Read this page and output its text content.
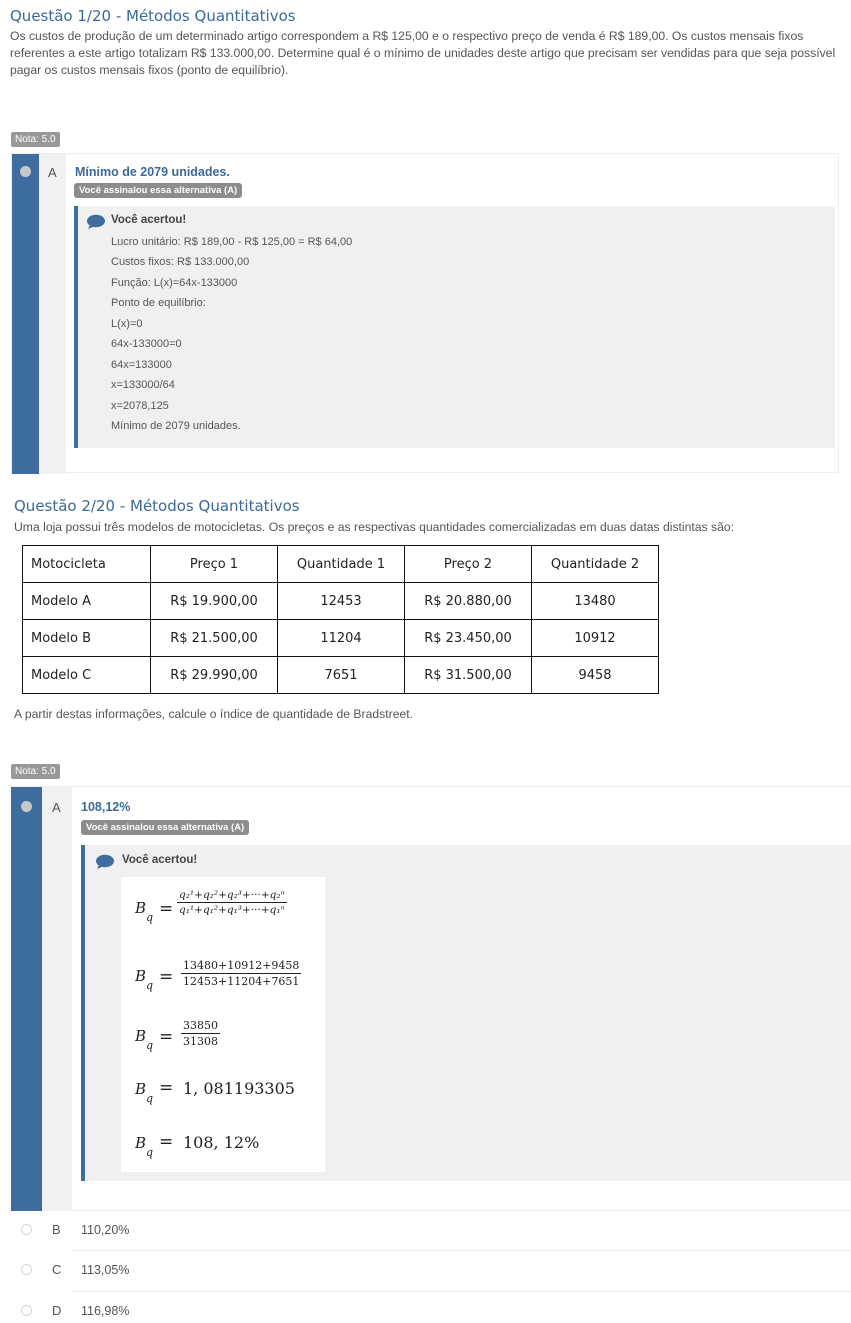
Questão 1/20 - Métodos Quantitativos
Os custos de produção de um determinado artigo correspondem a R$ 125,00 e o respectivo preço de venda é R$ 189,00. Os custos mensais fixos referentes a este artigo totalizam R$ 133.000,00. Determine qual é o mínimo de unidades deste artigo que precisam ser vendidas para que seja possível pagar os custos mensais fixos (ponto de equilíbrio).
Nota: 5.0
A Mínimo de 2079 unidades.
Você assinalou essa alternativa (A)
Você acertou!
Lucro unitário: R$ 189,00 - R$ 125,00 = R$ 64,00
Custos fixos: R$ 133.000,00
Função: L(x)=64x-133000
Ponto de equilíbrio:
L(x)=0
64x-133000=0
64x=133000
x=133000/64
x=2078,125
Mínimo de 2079 unidades.
Questão 2/20 - Métodos Quantitativos
Uma loja possui três modelos de motocicletas. Os preços e as respectivas quantidades comercializadas em duas datas distintas são:
Motocicleta	Preço 1	Quantidade 1	Preço 2	Quantidade 2
Modelo A	R$ 19.900,00	12453	R$ 20.880,00	13480
Modelo B	R$ 21.500,00	11204	R$ 23.450,00	10912
Modelo C	R$ 29.990,00	7651	R$ 31.500,00	9458
A partir destas informações, calcule o índice de quantidade de Bradstreet.
Nota: 5.0
A 108,12%
Você assinalou essa alternativa (A)
Você acertou!
B
$q = \frac{\text{q₂¹+q₂²+q₂³+···+q₂ⁿ}}{\text{q₁¹+q₁²+q₁³+···+q₁ⁿ}}$
B
$q = \frac{13480+10912+9458}{12453+11204+7651}$
B
$q = \frac{33850}{31308}$
B
q
= 1, 081193305
B
q
= 108, 12%
B 110,20%
C 113,05%
D 116,98%
